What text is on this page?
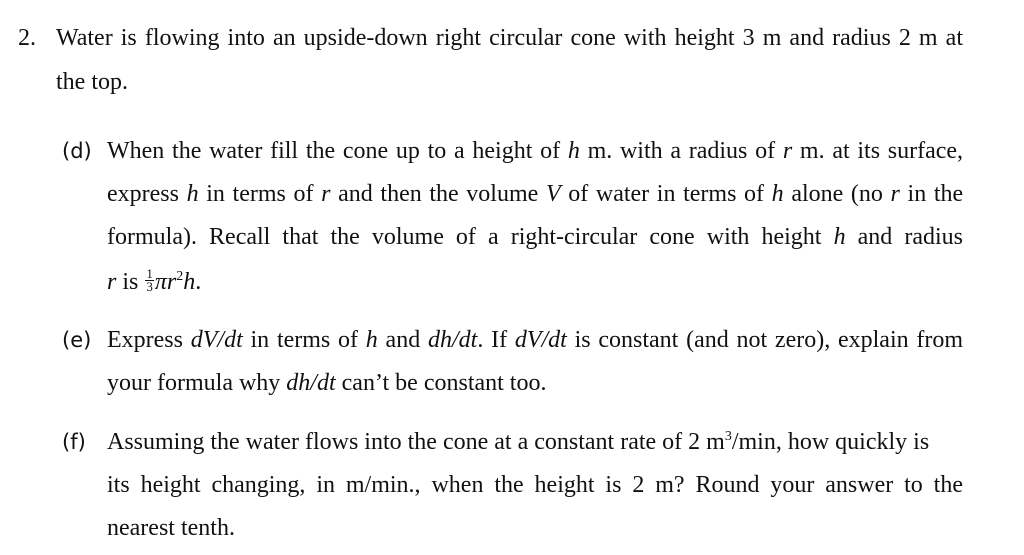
2. Water is flowing into an upside-down right circular cone with height 3 m and radius 2 m at
the top.
(d) When the water fill the cone up to a height of h m. with a radius of r m. at its surface,
express h in terms of r and then the volume V of water in terms of h alone (no r in the
formula). Recall that the volume of a right-circular cone with height h and radius
r is $\frac{1}{3} \pi r^2h$.
(e) Express dV/dt in terms of h and dh/dt. If dV/dt is constant (and not zero), explain from
your formula why dh/dt can’t be constant too.
(f) Assuming the water flows into the cone at a constant rate of 2 $m^3/\min$, how quickly is
its height changing, in m/min., when the height is 2 m? Round your answer to the
nearest tenth.
